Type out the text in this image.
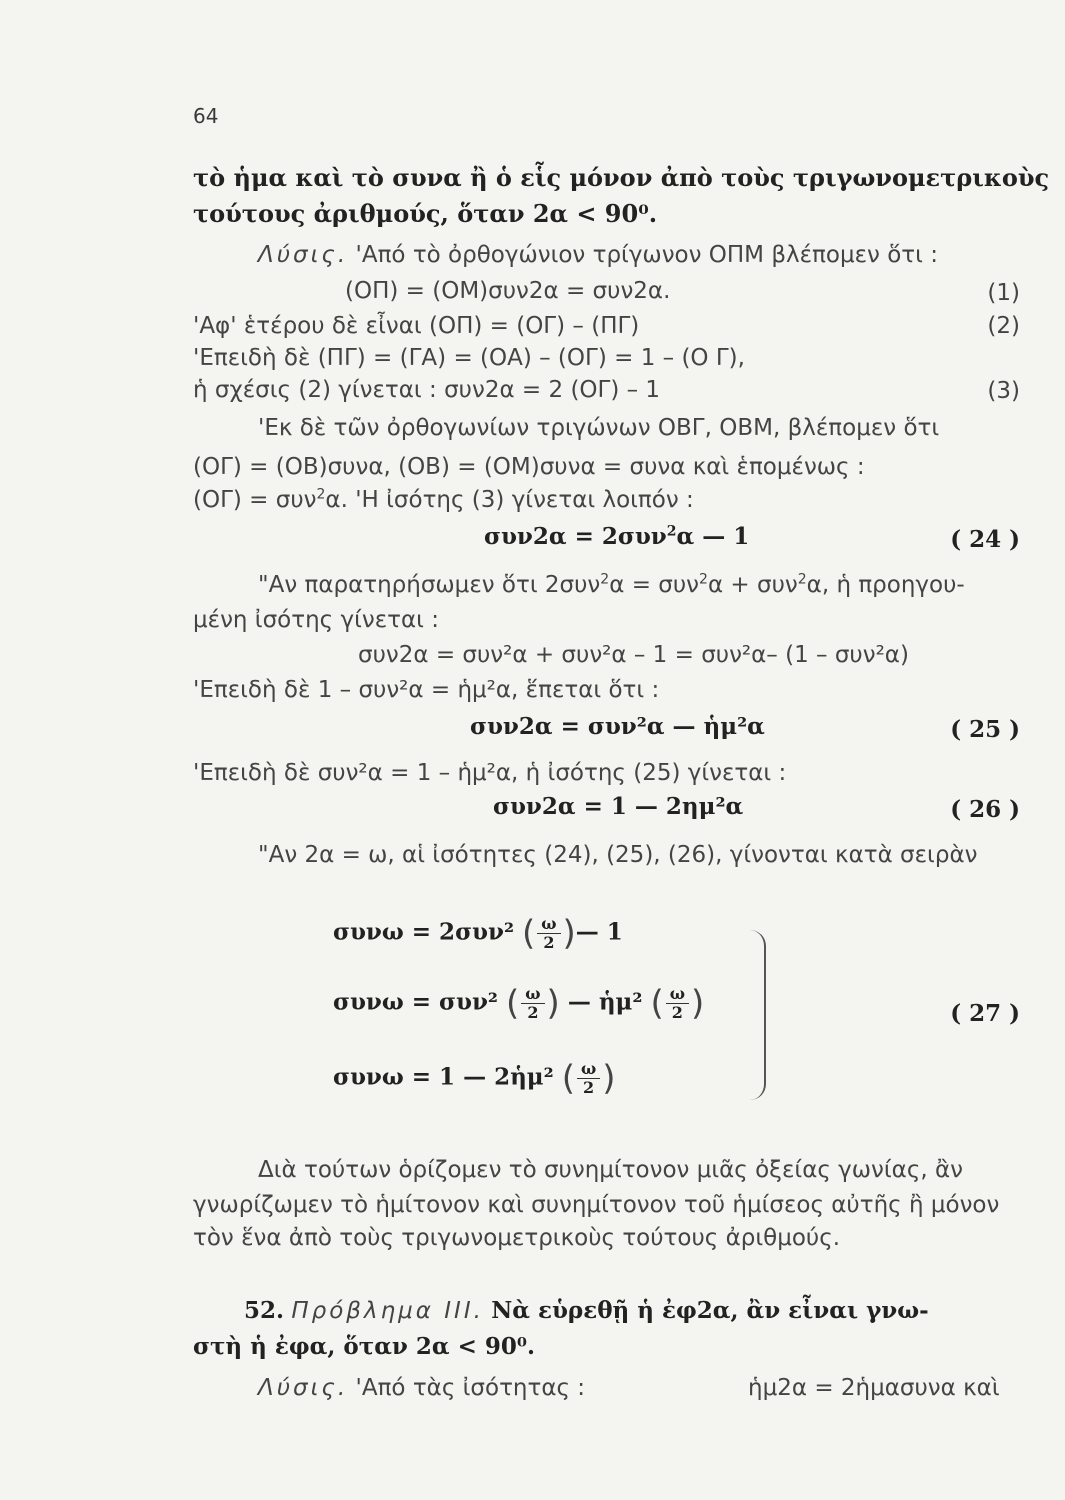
64
τὸ ἡμα καὶ τὸ συνα ἢ ὁ εἷς μόνον ἀπὸ τοὺς τριγωνομετρικοὺς
τούτους ἀριθμούς, ὅταν 2α < 90⁰.
Λύσις. 'Από τὸ ὀρθογώνιον τρίγωνον ΟΠΜ βλέπομεν ὅτι :
(ΟΠ) = (ΟΜ)συν2α = συν2α.	(1)
'Αφ' ἑτέρου δὲ εἶναι (ΟΠ) = (ΟΓ) – (ΠΓ)	(2)
'Επειδὴ δὲ (ΠΓ) = (ΓΑ) = (ΟΑ) – (ΟΓ) = 1 – (Ο Γ),
ἡ σχέσις (2) γίνεται : συν2α = 2 (ΟΓ) – 1	(3)
'Εκ δὲ τῶν ὀρθογωνίων τριγώνων ΟΒΓ, ΟΒΜ, βλέπομεν ὅτι
(ΟΓ) = (ΟΒ)συνα, (ΟΒ) = (ΟΜ)συνα = συνα καὶ ἑπομένως :
(ΟΓ) = συν$^2$α. 'Η ἰσότης (3) γίνεται λοιπόν :
συν2α = 2συν$^2$α — 1	( 24 )
"Αν παρατηρήσωμεν ὅτι 2συν$^2$α = συν$^2$α + συν$^2$α, ἡ προηγου-
μένη ἰσότης γίνεται :
συν2α = συν²α + συν²α – 1 = συν²α– (1 – συν²α)
'Επειδὴ δὲ 1 – συν²α = ἡμ²α, ἕπεται ὅτι :
συν2α = συν²α — ἡμ²α	( 25 )
'Επειδὴ δὲ συν²α = 1 – ἡμ²α, ἡ ἰσότης (25) γίνεται :
συν2α = 1 — 2ημ²α	( 26 )
"Αν 2α = ω, αἱ ἰσότητες (24), (25), (26), γίνονται κατὰ σειρὰν
συνω = 2συν² ( $\frac{\omega}{2}$ )— 1
συνω = συν² ( $\frac{\omega}{2}$ ) — ἡμ² ( $\frac{\omega}{2}$ )
συνω = 1 — 2ἡμ² ( $\frac{\omega}{2}$ )
( 27 )
Διὰ τούτων ὁρίζομεν τὸ συνημίτονον μιᾶς ὀξείας γωνίας, ἂν
γνωρίζωμεν τὸ ἡμίτονον καὶ συνημίτονον τοῦ ἡμίσεος αὐτῆς ἢ μόνον
τὸν ἕνα ἀπὸ τοὺς τριγωνομετρικοὺς τούτους ἀριθμούς.
52. Πρόβλημα ΙΙΙ. Νὰ εὑρεθῇ ἡ ἐφ2α, ἂν εἶναι γνω-
στὴ ἡ ἐφα, ὅταν 2α < 90⁰.
Λύσις. 'Από τὰς ἰσότητας :	ἡμ2α = 2ἡμασυνα καὶ
